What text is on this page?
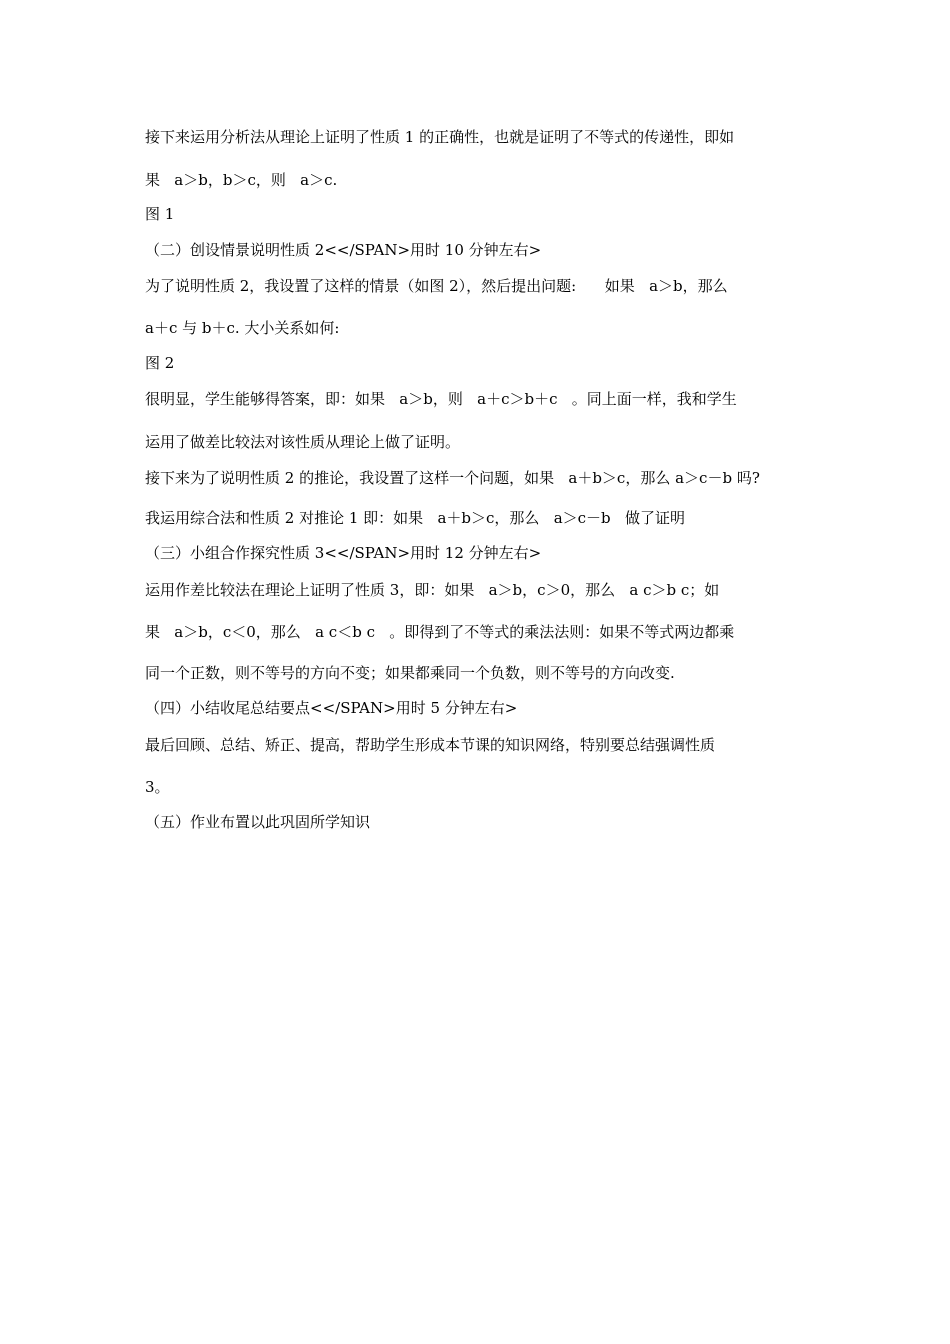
接下来运用分析法从理论上证明了性质 1 的正确性，也就是证明了不等式的传递性，即如
果   a＞b，b＞c，则   a＞c.
图 1
（二）创设情景说明性质 2<</SPAN>用时 10 分钟左右>
为了说明性质 2，我设置了这样的情景（如图 2），然后提出问题:      如果   a＞b，那么
a＋c 与 b＋c. 大小关系如何:
图 2
很明显，学生能够得答案，即：如果   a＞b，则   a＋c＞b＋c   。同上面一样，我和学生
运用了做差比较法对该性质从理论上做了证明。
接下来为了说明性质 2 的推论，我设置了这样一个问题，如果   a＋b＞c，那么 a＞c－b 吗?
我运用综合法和性质 2 对推论 1 即：如果   a＋b＞c，那么   a＞c－b   做了证明
（三）小组合作探究性质 3<</SPAN>用时 12 分钟左右>
运用作差比较法在理论上证明了性质 3，即：如果   a＞b，c＞0，那么   a c＞b c；如
果   a＞b，c＜0，那么   a c＜b c   。即得到了不等式的乘法法则：如果不等式两边都乘
同一个正数，则不等号的方向不变；如果都乘同一个负数，则不等号的方向改变.
（四）小结收尾总结要点<</SPAN>用时 5 分钟左右>
最后回顾、总结、矫正、提高，帮助学生形成本节课的知识网络，特别要总结强调性质
3。
（五）作业布置以此巩固所学知识
